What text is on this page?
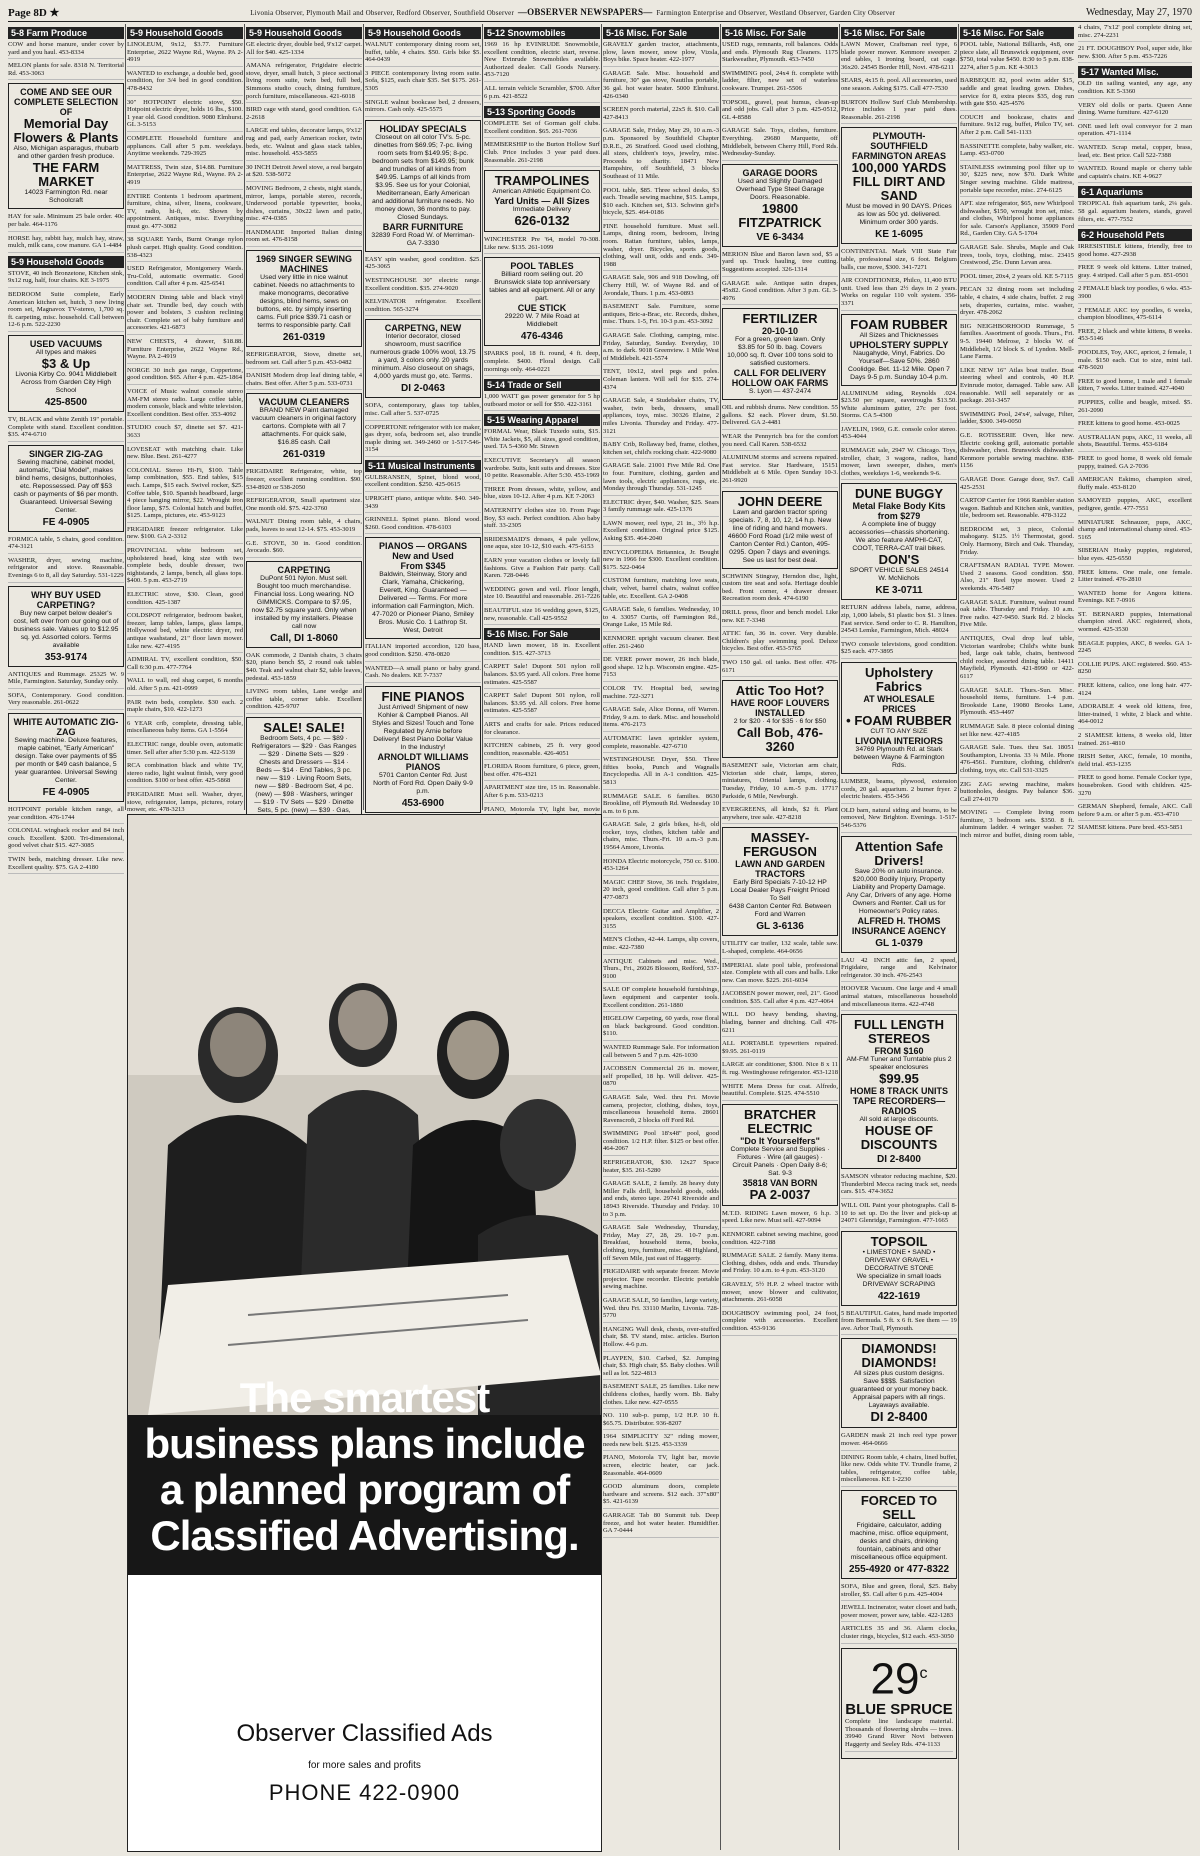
Page 8D ★	Livonia Observer, Plymouth Mail and Observer, Redford Observer, Southfield Observer —OBSERVER NEWSPAPERS— Farmington Enterprise and Observer, Westland Observer, Garden City Observer	Wednesday, May 27, 1970
5-8 Farm Produce

COW and horse manure, under cover by yard and you haul. 453-8334

MELON plants for sale. 8318 N. Territorial Rd. 453-3063

COME AND SEE OUR COMPLETE SELECTION OF
Memorial Day Flowers & Plants
Also, Michigan asparagus, rhubarb and other garden fresh produce.
THE FARM MARKET
14023 Farmington Rd. near Schoolcraft

HAY for sale. Minimum 25 bale order. 40c per bale. 464-1176

HORSE hay, rabbit hay, mulch hay, straw, mulch, milk cans, cow manure. GA 1-4484

5-9 Household Goods

STOVE, 40 inch Bronzetone, Kitchen sink, 9x12 rug, half, four chairs. KE 3-1975

BEDROOM Suite complete, Early American kitchen set, hutch, 3 new living room set, Magnavox TV-stereo, 1,700 sq. ft. carpeting, misc. household. Call between 12-6 p.m. 522-2230

USED VACUUMS
All types and makes
$3 & Up
Livonia Kirby Co. 9041 Middlebelt Across from Garden City High School
425-8500

TV, BLACK and white Zenith 19" portable. Complete with stand. Excellent condition. $35. 474-6710

SINGER ZIG-ZAG
Sewing machine, cabinet model, automatic, "Dial Model", makes blind hems, designs, buttonholes, etc. Repossessed. Pay off $53 cash or payments of $6 per month. Guaranteed. Universal Sewing Center.
FE 4-0905

FORMICA table, 5 chairs, good condition. 474-3121

WASHER, dryer, sewing machine, refrigerator and stove. Reasonable. Evenings 6 to 8, all day Saturday. 531-1229

WHY BUY USED CARPETING?
Buy new carpet below dealer's cost, left over from our going out of business sale. Values up to $12.95 sq. yd. Assorted colors. Terms available
353-9174

ANTIQUES and Rummage. 25325 W. 9 Mile, Farmington. Saturday, Sunday only.

SOFA, Contemporary. Good condition. Very reasonable. 261-0622

WHITE AUTOMATIC ZIG-ZAG
Sewing machine. Deluxe features, maple cabinet, "Early American" design. Take over payments of $5 per month or $49 cash balance, 5 year guarantee. Universal Sewing Center.
FE 4-0905

HOTPOINT portable kitchen range, all year condition. 476-1744

COLONIAL wingback rocker and 84 inch couch. Excellent. $200. Tri-dimensional, good velvet chair $15. 427-3085

TWIN beds, matching dresser. Like new. Excellent quality. $75. GA 2-4180

5-9 Household Goods

LINOLEUM, 9x12, $3.77. Furniture Enterprise, 2622 Wayne Rd., Wayne. PA 2-4919

WANTED to exchange, a double bed, good condition, for 3/4 bed in good condition. 478-8432

30" HOTPOINT electric stove, $50. Hotpoint electric dryer, holds 16 lbs., $100. 1 year old. Good condition. 9080 Elmhurst. GL 3-5153

COMPLETE Household furniture and appliances. Call after 5 p.m. weekdays. Anytime weekends. 729-3925

MATTRESS, Twin size, $14.88. Furniture Enterprise, 2622 Wayne Rd., Wayne. PA 2-4919

ENTIRE Contents 1 bedroom apartment, furniture, china, silver, linens, cookware, TV, radio, hi-fi, etc. Shown by appointment. Antiques, misc. Everything must go. 477-3082

38 SQUARE Yards, Burnt Orange nylon plush carpet. High quality. Good condition. 538-4323

USED Refrigerator, Montgomery Wards. Tru-Cold, automatic overmatic. Good condition. Call after 4 p.m. 425-6541

MODERN Dining table and black vinyl chair set. Trundle bed, day couch with power and bolsters, 3 cushion reclining chair. Complete set of baby furniture and accessories. 421-6873

NEW CHESTS, 4 drawer, $18.88. Furniture Enterprise, 2622 Wayne Rd., Wayne. PA 2-4919

NORGE 30 inch gas range, Coppertone, good condition. $65. After 4 p.m. 425-1864

VOICE of Music walnut console stereo AM-FM stereo radio. Large coffee table, modern console, black and white television. Excellent condition. Best offer. 353-4092

STUDIO couch $7, dinette set $7. 421-3633

LOVESEAT with matching chair. Like new. Blue. Best. 261-4277

COLONIAL Stereo Hi-Fi, $100. Table lamp combination, $55. End tables, $15 each. Lamps, $15 each. Swivel rocker, $25. Coffee table, $10. Spanish headboard, large 4 piece hanging mirror, $22. Wrought iron floor lamp, $75. Colonial hutch and buffet, $125. Lamps, pictures, etc. 453-9123

FRIGIDAIRE freezer refrigerator. Like new. $100. GA 2-3312

PROVINCIAL white bedroom set, upholstered head, king size with two complete beds, double dresser, two nightstands, 2 lamps, bench, all glass tops. $400. 5 p.m. 453-2719

ELECTRIC stove, $30. Clean, good condition. 425-1387

COLDSPOT refrigerator, bedroom basket, freezer, lamp tables, lamps, glass lamps, Hollywood bed, white electric dryer, red antique washstand, 21" floor lawn mower. Like new. 427-4195

ADMIRAL TV, excellent condition, $50. Call 6:30 p.m. 477-7764

WALL to wall, red shag carpet, 6 months old. After 5 p.m. 421-0999

PAIR twin beds, complete. $30 each. 2 maple chairs, $10. 422-1273

6 YEAR crib, complete, dressing table, miscellaneous baby items. GA 1-5564

ELECTRIC range, double oven, automatic timer. Sell after after 5:30 p.m. 422-5139

RCA combination black and white TV, stereo radio, light walnut finish, very good condition. $100 or best offer. 425-5868

FRIGIDAIRE Must sell. Washer, dryer, stove, refrigerator, lamps, pictures, rotary mower, etc. 478-3213

5-9 Household Goods

GE electric dryer, double bed, 9'x12' carpet. All for $40. 425-1334

AMANA refrigerator, Frigidaire electric stove, dryer, small hutch, 3 piece sectional living room suite, twin bed, full bed, Simmons studio couch, dining furniture, porch furniture, miscellaneous. 421-6018

BIRD cage with stand, good condition. GA 2-2618

LARGE end tables, decorator lamps, 9'x12' rug and pad, early American rocker, twin beds, etc. Walnut and glass stack tables, misc. household. 453-5855

30 INCH Detroit Jewel stove, a real bargain at $20. 538-5072

MOVING Bedroom, 2 chests, night stands, mirror, lamps, portable stereo, records, Underwood portable typewriter, books, dishes, curtains, 30x22 lawn and patio, misc. 474-0385

HANDMADE Imported Italian dining room set. 476-8158

1969 SINGER SEWING MACHINES
Used very little in nice walnut cabinet. Needs no attachments to make monograms, decorative designs, blind hems, sews on buttons, etc. by simply inserting cams. Full price $39.71 cash or terms to responsible party. Call
261-0319

REFRIGERATOR, Stove, dinette set, bedroom set. Call after 5 p.m. 453-0482

DANISH Modern drop leaf dining table, 4 chairs. Best offer. After 5 p.m. 533-0731

VACUUM CLEANERS
BRAND NEW Paint damaged vacuum cleaners in original factory cartons. Complete with all 7 attachments. For quick sale, $16.85 cash. Call
261-0319

FRIGIDAIRE Refrigerator, white, top freezer, excellent running condition. $90. 534-8920 or 538-2050

REFRIGERATOR, Small apartment size. One month old. $75. 422-3760

WALNUT Dining room table, 4 chairs, pads, leaves to seat 12-14. $75. 453-3019

G.E. STOVE, 30 in. Good condition. Avocado. $60.

CARPETING
DuPont 501 Nylon. Must sell. Bought too much merchandise. Financial loss. Long wearing. NO GIMMICKS. Compare to $7.95, now $2.75 square yard. Only when installed by my installers. Please call now
Call, DI 1-8060

OAK commode, 2 Danish chairs, 3 chairs $20, piano bench $5, 2 round oak tables $40. Teak and walnut chair $2, table leaves, pedestal. 453-1859

LIVING room tables, Lane wedge and coffee table, corner table. Excellent condition. 425-9707

SALE! SALE!
Bedroom Sets, 4 pc. — $89 · Refrigerators — $29 · Gas Ranges — $29 · Dinette Sets — $29 · Chests and Dressers — $14 · Beds — $14 · End Tables, 3 pc. new — $19 · Living Room Sets, new — $89 · Bedroom Set, 4 pc. (new) — $98 · Washers, wringer — $19 · TV Sets — $29 · Dinette Sets, 5 pc. (new) — $39 · Gas,

5-9 Household Goods

WALNUT contemporary dining room set, buffet, table, 4 chairs. $50. Girls bike $5. 464-0439

3 PIECE contemporary living room suite. Sofa, $125, each chair $35. Set $175. 261-5305

SINGLE walnut bookcase bed, 2 dressers, mirrors. Cash only. 425-5575

HOLIDAY SPECIALS
Closeout on all color TV's. 5-pc. dinettes from $69.95; 7-pc. living room sets from $149.95; 8-pc. bedroom sets from $149.95; bunk and trundles of all kinds from $49.95. Lamps of all kinds from $3.95. See us for your Colonial, Mediterranean, Early American and additional furniture needs. No money down, 36 months to pay. Closed Sundays.
BARR FURNITURE
32839 Ford Road W. of Merriman-GA 7-3330

EASY spin washer, good condition. $25. 425-3065

WESTINGHOUSE 30" electric range. Excellent condition. $35. 274-9020

KELVINATOR refrigerator. Excellent condition. 565-3274

CARPETNG, NEW
Interior decorator, closed showroom, must sacrifice numerous grade 100% wool, 13.75 a yard, 3 colors only. 20 yards minimum. Also closeout on shags, 4,000 yards must go, etc. Terms.
DI 2-0463

SOFA, contemporary, glass top tables, misc. Call after 5. 537-0725

COPPERTONE refrigerator with ice maker, gas dryer, sofa, bedroom set, also trundle maple dining set. 349-2460 or 1-517-546-3154

5-11 Musical Instruments

GULBRANSEN, Spinet, blond wood, excellent condition. $250. 425-0615

UPRIGHT piano, antique white. $40. 349-3439

GRINNELL Spinet piano. Blond wood. $260. Good condition. 478-6103

PIANOS — ORGANS New and Used
From $345
Baldwin, Steinway, Story and Clark, Yamaha, Chickering, Everett, King. Guaranteed — Delivered — Terms. For more information call Farmington, Mich. 47-7020 or Pioneer Piano, Smiley Bros. Music Co. 1 Lathrop St. West, Detroit

ITALIAN imported accordion, 120 bass, good condition. $250. 478-0820

WANTED—A small piano or baby grand. Cash. No dealers. KE 7-7337

FINE PIANOS
Just Arrived! Shipment of new Kohler & Campbell Pianos. All Styles and Sizes! Touch and Tone Regulated by Arnie before Delivery! Best Piano Dollar Value In the Industry!
ARNOLDT WILLIAMS PIANOS
5701 Canton Center Rd. Just North of Ford Rd. Open Daily 9-9 p.m.
453-6900

5-12 Snowmobiles

1969 16 hp EVINRUDE Snowmobile, excellent condition, electric start, reverse. New Evinrude Snowmobiles available. Authorized dealer. Call Goods Nursery. 453-7120

ALL terrain vehicle Scrambler, $700. After 6 p.m. 421-8522

5-13 Sporting Goods

COMPLETE Set of Gorman golf clubs. Excellent condition. $65. 261-7036

MEMBERSHIP to the Burton Hollow Surf Club. Price includes 3 year paid dues. Reasonable. 261-2198

TRAMPOLINES
American Athletic Equipment Co.
Yard Units — All Sizes
Immediate Delivery
626-0132

WINCHESTER Pre '64, model 70-308. Like new. $135. 261-1099

POOL TABLES
Billiard room selling out. 20 Brunswick slate top anniversary tables and all equipment. All or any part.
CUE STICK
29220 W. 7 Mile Road at Middlebelt
476-4346

SPARKS pool, 18 ft. round, 4 ft. deep, complete. $400. Floral design. Call mornings only. 464-0221

5-14 Trade or Sell

1,000 WATT gas power generator for 5 hp outboard motor or sell for $50. 422-3161

5-15 Wearing Apparel

FORMAL Wear, Black Tuxedo suits, $15. White Jackets, $5, all sizes, good condition, used. TA 5-4360 Mr. Strawn

EXECUTIVE Secretary's all season wardrobe. Suits, knit suits and dresses. Size 10 petite. Reasonable. After 5:30. 453-1969

THREE Prom dresses, white, yellow, and blue, sizes 10-12. After 4 p.m. KE 7-2063

MATERNITY clothes size 10. From Page Boy, $3 each. Perfect condition. Also baby stuff. 33-2305

BRIDESMAID'S dresses, 4 pale yellow, one aqua, size 10-12, $10 each. 475-6153

EARN your vacation clothes or lovely fall fashions. Give a Fashion Fair party. Call Karen. 728-0446

WEDDING gown and veil. Floor length, size 10. Beautiful and reasonable. 261-7226

BEAUTIFUL size 16 wedding gown, $125, new, reasonable. Call 425-9552

5-16 Misc. For Sale

HAND lawn mower, 18 in. Excellent condition. $15. 427-3713

CARPET Sale! Dupont 501 nylon roll balances. $3.95 yard. All colors. Free home estimates. 425-5587

CARPET Sale! Dupont 501 nylon, roll balances. $3.95 yd. All colors. Free home estimates. 425-5587

ARTS and crafts for sale. Prices reduced for clearance.

KITCHEN cabinets, 25 ft. very good condition, reasonable. 426-4051

FLORIDA Room furniture, 6 piece, green, best offer. 476-4321

APARTMENT size tire, 15 in. Reasonable. After 6 p.m. 533-0213

PIANO, Motorola TV, light bar, movie

5-16 Misc. For Sale

GRAVELY garden tractor, attachments, plow, lawn mower, snow plow, Vizsla, Boys bike. Space heater. 422-1977

GARAGE Sale. Misc. household and furniture, 30" gas stove, Nautilus portable, 36 gal. hot water heater. 5000 Elmhurst. 426-0340

SCREEN porch material, 22x5 ft. $10. Call 427-8413

GARAGE Sale, Friday, May 29, 10 a.m.-3 p.m. Sponsored by Southfield Chapter D.R.E., 26 Stratford. Good used clothing, all sizes, children's toys, jewelry, misc. Proceeds to charity. 18471 New Hampshire, off Southfield, 3 blocks Southeast of 11 Mile.

POOL table, $85. Three school desks, $3 each. Treadle sewing machine, $15. Lamps, $10 each. Kitchen set, $13. Schwinn girl's bicycle, $25. 464-0186

FINE household furniture. Must sell. Lamps, dining room, bedroom, living room. Rattan furniture, tables, lamps, washer, dryer. Bicycles, sports goods, clothing, wall unit, odds and ends. 349-1988

GARAGE Sale, 906 and 918 Dowling, off Cherry Hill, W. of Wayne Rd. and of Avondale, Thurs. 1 p.m. 453-0893

BASEMENT Sale. Furniture, some antiques, Bric-a-Brac, etc. Records, dishes, misc. Thurs. 1-5, Fri. 10-3 p.m. 453-3092

GARAGE Sale. Clothing, camping, misc. Friday, Saturday, Sunday. Everyday, 10 a.m. to dark. 9018 Greenview. 1 Mile West of Middlebelt. 421-5574

TENT, 10x12, steel pegs and poles. Coleman lantern. Will sell for $35. 274-4374

GARAGE Sale, 4 Studebaker chairs, TV, washer, twin beds, dressers, small appliances, toys, misc. 30326 Elaine, 2 miles Livonia. Thursday and Friday. 477-3121

BABY Crib, Rollaway bed, frame, clothes, kitchen set, child's rocking chair. 422-9080

GARAGE Sale. 21001 Five Mile Rd. One to four. Furniture, clothing, garden and lawn tools, electric appliances, rugs, etc. Monday through Thursday. 531-1245

ELECTRIC dryer, $40. Washer, $25. Sears 3 family rummage sale. 425-1376

LAWN mower, reel type, 21 in., 3½ h.p. Excellent condition. Original price $125. Asking $35. 464-2040

ENCYCLOPEDIA Britannica, Jr. Bought new in 1966 for $300. Excellent condition. $175. 522-0464

CUSTOM furniture, matching love seats, chair, velvet, barrel chairs, walnut coffee table, etc. Excellent. GA 2-0408

GARAGE Sale, 6 families. Wednesday, 10 to 4. 33057 Curtis, off Farmington Rd., Orange Lake, 15 Mile Rd.

KENMORE upright vacuum cleaner. Best offer. 261-2460

DE VERE power mower, 26 inch blade, good shape. 12 h.p. Wisconsin engine. 425-7153

COLOR TV. Hospital bed, sewing machine. 722-3271

GARAGE Sale, Alice Donna, off Warren. Friday, 9 a.m. to dark. Misc. and household items. 476-2173

AUTOMATIC lawn sprinkler system, complete, reasonable. 427-6710

WESTINGHOUSE Dryer, $50. Three fifties books, Punch and Wagnalls Encyclopedia. All in A-1 condition. 425-5813

RUMMAGE SALE. 6 families. 8630 Brookline, off Plymouth Rd. Wednesday 10 a.m. to 6 p.m.

GARAGE Sale, 2 girls bikes, hi-fi, old rocker, toys, clothes, kitchen table and chairs, misc. Thurs.-Fri. 10 a.m.-3 p.m. 19564 Amore, Livonia.

HONDA Electric motorcycle, 750 cc. $100. 453-1264

MAGIC CHEF Stove, 36 inch. Frigidaire, 20 inch, good condition. Call after 5 p.m. 477-0873

DECCA Electric Guitar and Amplifier, 2 speakers, excellent condition. $100. 427-3155

MEN'S Clothes, 42-44. Lamps, slip covers, misc. 422-7380

ANTIQUE Cabinets and misc. Wed., Thurs., Fri., 26026 Blossom, Redford, 537-9100

SALE OF complete household furnishings, lawn equipment and carpenter tools. Excellent condition. 261-1880

HIGELOW Carpeting, 60 yards, rose floral on black background. Good condition. $110.

WANTED Rummage Sale. For information call between 5 and 7 p.m. 426-1030

JACOBSEN Commercial 26 in. mower, self propelled, 18 hp. Will deliver. 425-0870

GARAGE Sale, Wed. thru Fri. Movie camera, projector, clothing, dishes, toys, miscellaneous household items. 28601 Ravenscroft, 2 blocks off Ford Rd.

SWIMMING Pool 18'x48" pool, good condition. 1/2 H.P. filter. $125 or best offer. 464-2067

REFRIGERATOR, $30. 12x27 Space heater, $35. 261-5280

GARAGE SALE, 2 family. 28 heavy duty Miller Falls drill, household goods, odds and ends, stereo tape. 29741 Riverside and 18943 Riverside. Thursday and Friday. 10 to 3 p.m.

GARAGE Sale Wednesday, Thursday, Friday, May 27, 28, 29. 10-7 p.m. Breakfast, household items, books, clothing, toys, furniture, misc. 48 Highland, off Seven Mile, just east of Haggerty.

FRIGIDAIRE with separate freezer. Movie projector. Tape recorder. Electric portable sewing machine.

GARAGE SALE, 50 families, large variety, Wed. thru Fri. 33110 Marlin, Livonia. 728-5770

HANGING Wall desk, chests, over-stuffed chair, $8. TV stand, misc. articles. Burton Hollow. 4-6 p.m.

PLAYPEN, $10. Carbed, $2. Jumping chair, $3. High chair, $5. Baby clothes. Will sell as lot. 522-4813

BASEMENT SALE, 25 families. Like new childrens clothes, hardly worn. Bb. Baby clothes. Like new. 427-0555

NO. 110 sub-p. pump, 1/2 H.P. 10 ft. $65.75. Distributor. 936-8207

1964 SIMPLICITY 32" riding mower, needs new belt. $125. 453-3339

PIANO, Motorola TV, light bar, movie screen, electric heater, car jack. Reasonable. 464-0609

GOOD aluminum doors, complete hardware and screens. $12 each. 37"x80" $5. 421-6139

GARRAGE Tab 80 Summit tub. Deep freeze, and hot water heater. Humidifier. GA 7-0444

5-16 Misc. For Sale

USED rugs, remnants, roll balances. Odds and ends. Plymouth Rug Cleaners. 1175 Starkweather, Plymouth. 453-7450

SWIMMING pool, 24x4 ft. complete with ladder, filter, new set of waterless cookware. Trumpet. 261-5506

TOPSOIL, gravel, peat humus, clean-up and odd jobs. Call after 3 p.m. 425-0512, GL 4-8588

GARAGE Sale. Toys, clothes, furniture. Everything. 29680 Marquette, off Middlebelt, between Cherry Hill, Ford Rds. Wednesday-Sunday.

GARAGE DOORS
Used and Slightly Damaged Overhead Type Steel Garage Doors. Reasonable.
19800 FITZPATRICK
VE 6-3434

MERION Blue and Baron lawn sod, $5 a yard up. Truck hauling, tree cutting. Suggestions accepted. 326-1314

GARAGE sale. Antique satin drapes, 45x82. Good condition. After 3 p.m. GL 3-4976

FERTILIZER
20-10-10
For a green, green lawn. Only $3.85 for 50 lb. bag. Covers 10,000 sq. ft. Over 100 tons sold to satisfied customers.
CALL FOR DELIVERY
HOLLOW OAK FARMS
S. Lyon — 437-2474

OIL and rubbish drums. New condition. 55 gallons. $2 each. Plover drum, $1.50. Delivered. GA 2-4481

WEAR the Pennyrich bra for the comfort you need. Call Karen. 538-6532

ALUMINUM storms and screens repaired. Fast service. Star Hardware, 15151 Middlebelt at 6 Mile. Open Sunday 10-3. 261-9920

JOHN DEERE
Lawn and garden tractor spring specials. 7, 8, 10, 12, 14 h.p. New line of riding and hand mowers. 46600 Ford Road (1/2 mile west of Canton Center Rd.) Canton, 495-0295. Open 7 days and evenings. See us last for best deal.

SCHWINN Stingray, Herndon disc, light, custom tire seat and sofa. Heritage double bed. Front corner, 4 drawer dresser. Recreation room desk. 474-6190

DRILL press, floor and bench model. Like new. KE 7-3348

ATTIC fan, 36 in. cover. Very durable. Children's play swimming pool. Deluxe bicycles. Best offer. 453-5765

TWO 150 gal. oil tanks. Best offer. 476-6171

Attic Too Hot?
HAVE ROOF LOUVERS INSTALLED
2 for $20 · 4 for $35 · 6 for $50
Call Bob, 476-3260

BASEMENT sale, Victorian arm chair, Victorian side chair, lamps, stereo, miniatures, Oriental lamps, clothing. Tuesday, Friday, 10 a.m.-5 p.m. 17717 Parkside, 6 Mile, Newburgh.

EVERGREENS, all kinds, $2 ft. Plant anywhere, tree sale. 427-8218

MASSEY-FERGUSON
LAWN AND GARDEN TRACTORS
Early Bird Specials 7-10-12 HP Local Dealer Pays Freight Priced To Sell
6438 Canton Center Rd. Between Ford and Warren
GL 3-6136

UTILITY car trailer, 132 scale, table saw. L-shaped, complete. 464-0656

IMPERIAL slate pool table, professional size. Complete with all cues and balls. Like new. Can move. $225. 261-6034

JACOBSEN power mower, reel, 21". Good condition. $35. Call after 4 p.m. 427-4064

WILL DO heavy bending, shaving, blading, banner and ditching. Call 476-6211

ALL PORTABLE typewriters repaired. $9.95. 261-0119

LARGE air conditioner, $300. Nice 8 x 11 ft. rug. Westinghouse refrigerator. 453-1218

WHITE Mens Dress fur coat. Alfredo, beautiful. Complete. $125. 474-5510

BRATCHER ELECTRIC
"Do It Yourselfers"
Complete Service and Supplies · Fixtures · Wire (all gauges) · Circuit Panels · Open Daily 8-6; Sat. 9-3
35818 VAN BORN
PA 2-0037

M.T.D. RIDING Lawn mower, 6 h.p. 3 speed. Like new. Must sell. 427-9094

KENMORE cabinet sewing machine, good condition. 422-7188

RUMMAGE SALE. 2 family. Many items. Clothing, dishes, odds and ends. Thursday and Friday. 10 a.m. to 4 p.m. 453-3120

GRAVELY, 5½ H.P. 2 wheel tractor with mower, snow blower and cultivator, attachments. 261-6058

DOUGHBOY swimming pool, 24 foot, complete with accessories. Excellent condition. 453-9136

5-16 Misc. For Sale

LAWN Mower, Craftsman reel type, 6 blade power mower. Kenmore sweeper. 2 end tables, 1 ironing board, cat cage. 36x20. 24545 Border Hill, Novi. 478-6211

SEARS, 4x15 ft. pool. All accessories, used one season. Asking $175. Call 477-7530

BURTON Hollow Surf Club Membership. Price includes 1 year paid dues. Reasonable. 261-2198

PLYMOUTH-SOUTHFIELD FARMINGTON AREAS
100,000 YARDS FILL DIRT AND SAND
Must be moved in 90 DAYS. Prices as low as 50c yd. delivered. Minimum order 300 yards.
KE 1-6095

CONTINENTAL Mark VIII State Fair table, professional size, 6 foot. Belgium balls, cue move, $300. 341-7271

AIR CONDITIONER, Philco, 11,400 BTU unit. Used less than 2½ days in 2 years. Works on regular 110 volt system. 356-3371

FOAM RUBBER
All Sizes and Thicknesses
UPHOLSTERY SUPPLY
Naugahyde, Vinyl, Fabrics. Do Yourself—Save 50%. 2860 Coolidge. Bet. 11-12 Mile. Open 7 Days 9-5 p.m. Sunday 10-4 p.m.

ALUMINUM siding, Reynolds .024. $23.50 per square, eavetroughs $13.50. White aluminum gutter, 27c per foot. Storms. CA 5-4300

JAVELIN, 1969, G.E. console color stereo. 453-4044

RUMMAGE sale, 2947 W. Chicago. Toys, stroller, chair, 3 wagons, radios, hand mower, lawn sweeper, dishes, men's clothes, weekdays 1-6, weekends 9-6.

DUNE BUGGY
Metal Flake Body Kits from $279
A complete line of buggy accessories—chassis shortening. We also feature AMPHI-CAT, COOT, TERRA-CAT trail bikes.
DON'S
SPORT VEHICLE SALES 24514 W. McNichols
KE 3-0711

RETURN address labels, name, address, zip, 1,000 labels, $1 plastic box $1. 3 lines. Fast service. Send order to C. R. Hamilton, 24543 Lemke, Farmington, Mich. 48024

TWO console televisions, good condition. $25 each. 477-3895

Upholstery Fabrics
AT WHOLESALE PRICES
• FOAM RUBBER
CUT TO ANY SIZE
LIVONIA INTERIORS
34769 Plymouth Rd. at Stark between Wayne & Farmington Rds.

LUMBER, beams, plywood, extension cords, 20 gal. aquarium. 2 burner fryer. 2 electric heaters. 455-3456

OLD barn, natural siding and beams, to be removed, New Brighton. Evenings. 1-517-546-5376

Attention Safe Drivers!
Save 20% on auto insurance. $20,000 Bodily Injury, Property Liability and Property Damage. Any Car, Drivers of any age. Home Owners and Renter. Call us for Homeowner's Policy rates.
ALFRED H. THOMS INSURANCE AGENCY
GL 1-0379

LAU 42 INCH attic fan, 2 speed, Frigidaire, range and Kelvinator refrigerator. 30 inch. 476-2543

HOOVER Vacuum. One large and 4 small animal statues, miscellaneous household and miscellaneous items. 422-4748

FULL LENGTH STEREOS
FROM $160
AM-FM Tuner and Turntable plus 2 speaker enclosures
$99.95
HOME 8 TRACK UNITS TAPE RECORDERS—RADIOS
All sold at large discounts.
HOUSE OF DISCOUNTS
DI 2-8400

SAMSON vibrator reducing machine, $20. Thunderbird Mecca racing track set, needs cars. $15. 474-3652

WILL OIL Paint your photographs. Call 8-10 to set up. Do the liver and pick-up at 24071 Glenridge, Farmington. 477-1665

TOPSOIL
• LIMESTONE • SAND • DRIVEWAY GRAVEL • DECORATIVE STONE
We specialize in small loads DRIVEWAY SCRAPING
422-1619

5 BEAUTIFUL Gates, hand made imported from Bermuda. 5 ft. x 6 ft. See them — 19 ave. Arbor Trail, Plymouth.

DIAMONDS! DIAMONDS!
All sizes plus custom designs. Save $$$$. Satisfaction guaranteed or your money back. Appraisal papers with all rings. Layaways available.
DI 2-8400

GARDEN mask 21 inch reel type power mower. 464-0666

DINING Room table, 4 chairs, lined buffet, like new. Odds white TV. Trundle frame, 2 tables, refrigerator, coffee table, miscellaneous. KE 1-2230

FORCED TO SELL
Frigidaire, calculator, adding machine, misc. office equipment, desks and chairs, drinking fountain, cabinets and other miscellaneous office equipment.
255-4920 or 477-8322

SOFA, Blue and green, floral, $25. Baby stroller, $5. Call after 6 p.m. 425-4004

JEWELL Incinerator, water closet and bath, power mower, power saw, table. 422-1283

ARTICLES 35 and 36. Alarm clocks, cluster rings, bicycles, $12 each. 453-3050

29$^c$
BLUE SPRUCE

Complete line landscape material. Thousands of flowering shrubs — trees. 39940 Grand River Novi between Haggerty and Seeley Rds. 474-1133

5-16 Misc. For Sale

POOL table, National Billiards, 4x8, one piece slate, all Brunswick equipment, over $750, total value $450. 8:30 to 5 p.m. 838-2274, after 5 p.m. KE 4-3013

BARBEQUE 82, pool swim adder $15, saddle and great leading gown. Dishes, service for 8, extra pieces $35, dog run with gate $50. 425-4576

COUCH and bookcase, chairs and furniture. 9x12 rug, buffet, Philco TV, set. After 2 p.m. Call 541-1133

BASSINETTE complete, baby walker, etc. Lamp. 453-0700

STAINLESS swimming pool filter up to 30', $225 new, now $70. Dark White Singer sewing machine. Glide mattress, portable tape recorder, misc. 274-6125

APT. size refrigerator, $65, new Whirlpool dishwasher, $150, wrought iron set, misc. and clothes, Whirlpool home appliances for sale. Carson's Appliance, 35909 Ford Rd., Garden City. GA 5-1704

GARAGE Sale. Shrubs, Maple and Oak trees, tools, toys, clothing, misc. 23415 Crestwood, 25c. Dunn Levan area.

POOL timer, 20x4, 2 years old. KE 5-7115

PECAN 32 dining room set including table, 4 chairs, 4 side chairs, buffet. 2 rug sets, draperies, curtains, misc. washer, dryer. 478-2062

BIG NEIGHBORHOOD Rummage, 5 families. Assortment of goods. Thurs., Fri. 9-5. 19440 Melrose, 2 blocks W. of Middlebelt, 1/2 block S. of Lyndon. Mell-Lane Farms.

LIKE NEW 16" Atlas boat trailer. Boat steering wheel and controls, 40 H.P. Evinrude motor, damaged. Table saw. All reasonable. Will sell separately or as package. 261-3457

SWIMMING Pool, 24'x4', salvage, Filter, ladder, $300. 349-0050

G.E. ROTISSERIE Oven, like new. Electric cooking grill, automatic portable dishwasher, chest. Brunswick dishwasher. Kenmore portable sewing machine. 838-1156

GARAGE Door. Garage door, 9x7. Call 425-2531

CARTOP Carrier for 1966 Rambler station wagon. Bathtub and Kitchen sink, vanities, tile, bedroom set. Reasonable. 478-3122

BEDROOM set, 3 piece, Colonial mahogany. $125. 1½ Thermostat, good. Only. Harmony, Birch and Oak. Thursday, Friday.

CRAFTSMAN RADIAL TYPE Mower. Used 2 seasons. Good condition. $50. Also, 21" Reel type mower. Used 2 weekends. 476-5487

GARAGE SALE. Furniture, walnut round oak table. Thursday and Friday. 10 a.m. Free radio. 427-9450. Stark Rd. 2 blocks Five Mile.

ANTIQUES, Oval drop leaf table, Victorian wardrobe; Child's white bunk bed, large oak table, chairs, bentwood child rocker, assorted dining table. 14411 Mayfield, Plymouth. 421-8990 or 422-6117

GARAGE SALE. Thurs.-Sun. Misc. household items, furniture. 1-4 p.m. Brookside Lane, 19080 Brooks Lane, Plymouth. 453-4497

RUMMAGE Sale. 8 piece colonial dining set like new. 427-4185

GARAGE Sale. Tues. thru Sat. 18051 Southampton, Livonia. 33 ¼ Mile. Phone 476-4561. Furniture, clothing, children's clothing, toys, etc. Call 531-3325

ZIG ZAG sewing machine, makes buttonholes, designs. Pay balance $36. Call 274-0170

MOVING — Complete living room furniture, 3 bedroom sets. $350. 8 ft. aluminum ladder. 4 wringer washer. 72 inch mirror and buffet, dining room table, 4 chairs, 7'x12' pool complete dining set, misc. 274-2231

21 FT. DOUGHBOY Pool, super side, like new. $300. After 5 p.m. 453-7226

5-17 Wanted Misc.

OLD tin sailing wanted, any age, any condition. KE 5-3360

VERY old dolls or parts. Queen Anne dining. Warne furniture. 427-6120

ONE used left oval conveyor for 2 man operation. 471-1114

WANTED. Scrap metal, copper, brass, lead, etc. Best price. Call 522-7388

WANTED. Round maple or cherry table and captain's chairs. KE 4-9627

6-1 Aquariums

TROPICAL fish aquarium tank, 2¼ gals. 58 gal. aquarium heaters, stands, gravel filters, etc. 477-7552

6-2 Household Pets

IRRESISTIBLE kittens, friendly, free to good home. 427-2938

FREE 9 week old kittens. Litter trained, gray. 4 striped. Call after 5 p.m. 851-0501

2 FEMALE black toy poodles, 6 wks. 453-3900

2 FEMALE AKC toy poodles, 6 weeks, champion bloodlines, 475-6114

FREE, 2 black and white kittens, 8 weeks. 453-5146

POODLES, Toy, AKC, apricot, 2 female, 1 male. $150 each. Cut to size, mini tail. 478-5020

FREE to good home, 1 male and 1 female kitten, 7 weeks. Litter trained. 427-4040

PUPPIES, collie and beagle, mixed. $5. 261-2090

FREE kittens to good home. 453-0025

AUSTRALIAN pups, AKC, 11 weeks, all shots, Beautiful. Terms. 453-6184

FREE to good home, 8 week old female puppy, trained. GA 2-7036

AMERICAN Eskimo, champion sired, fluffy male. 453-8120

SAMOYED puppies, AKC, excellent pedigree, gentle. 477-7551

MINIATURE Schnauzer, pups, AKC, champ and international champ sired. 453-5165

SIBERIAN Husky puppies, registered, blue eyes. 425-6550

FREE kittens. One male, one female. Litter trained. 476-2810

WANTED home for Angora kittens. Evenings. KE 7-0916

ST. BERNARD puppies, International champion sired. AKC registered, shots, wormed. 425-3530

BEAGLE puppies, AKC, 8 weeks. GA 1-2245

COLLIE PUPS. AKC registered. $60. 453-8250

FREE kittens, calico, one long hair. 477-4124

ADORABLE 4 week old kittens, free, litter-trained, 1 white, 2 black and white. 464-0012

2 SIAMESE kittens, 8 weeks old, litter trained. 261-4810

IRISH Setter, AKC, female, 10 months, field trial. 453-1235

FREE to good home. Female Cocker type, housebroken. Good with children. 425-3270

GERMAN Shepherd, female, AKC. Call before 9 a.m. or after 5 p.m. 453-4710

SIAMESE kittens. Pure bred. 453-5851

The smartest
business plans include
a planned program of
Classified Advertising.
Observer Classified Ads
for more sales and profits
PHONE 422-0900
